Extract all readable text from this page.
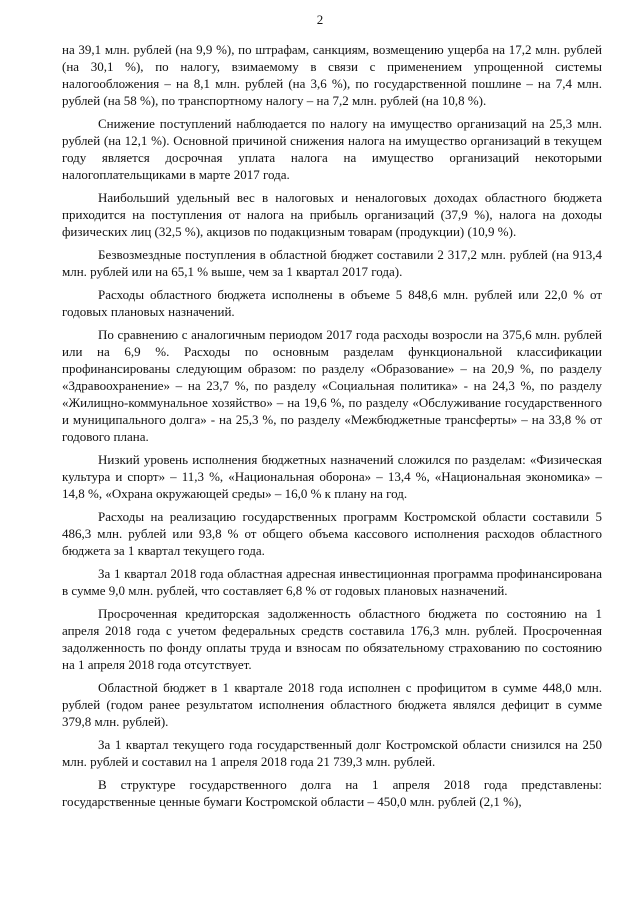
2

на 39,1 млн. рублей (на 9,9 %), по штрафам, санкциям, возмещению ущерба на 17,2 млн. рублей (на 30,1 %), по налогу, взимаемому в связи с применением упрощенной системы налогообложения – на 8,1 млн. рублей (на 3,6 %), по государственной пошлине – на 7,4 млн. рублей (на 58 %), по транспортному налогу – на 7,2 млн. рублей (на 10,8 %).

Снижение поступлений наблюдается по налогу на имущество организаций на 25,3 млн. рублей (на 12,1 %). Основной причиной снижения налога на имущество организаций в текущем году является досрочная уплата налога на имущество организаций некоторыми налогоплательщиками в марте 2017 года.

Наибольший удельный вес в налоговых и неналоговых доходах областного бюджета приходится на поступления от налога на прибыль организаций (37,9 %), налога на доходы физических лиц (32,5 %), акцизов по подакцизным товарам (продукции) (10,9 %).

Безвозмездные поступления в областной бюджет составили 2 317,2 млн. рублей (на 913,4 млн. рублей или на 65,1 % выше, чем за 1 квартал 2017 года).

Расходы областного бюджета исполнены в объеме 5 848,6 млн. рублей или 22,0 % от годовых плановых назначений.

По сравнению с аналогичным периодом 2017 года расходы возросли на 375,6 млн. рублей или на 6,9 %. Расходы по основным разделам функциональной классификации профинансированы следующим образом: по разделу «Образование» – на 20,9 %, по разделу «Здравоохранение» – на 23,7 %, по разделу «Социальная политика» - на 24,3 %, по разделу «Жилищно-коммунальное хозяйство» – на 19,6 %, по разделу «Обслуживание государственного и муниципального долга» - на 25,3 %, по разделу «Межбюджетные трансферты» – на 33,8 % от годового плана.

Низкий уровень исполнения бюджетных назначений сложился по разделам: «Физическая культура и спорт» – 11,3 %, «Национальная оборона» – 13,4 %, «Национальная экономика» – 14,8 %, «Охрана окружающей среды» – 16,0 % к плану на год.

Расходы на реализацию государственных программ Костромской области составили 5 486,3 млн. рублей или 93,8 % от общего объема кассового исполнения расходов областного бюджета за 1 квартал текущего года.

За 1 квартал 2018 года областная адресная инвестиционная программа профинансирована в сумме 9,0 млн. рублей, что составляет 6,8 % от годовых плановых назначений.

Просроченная кредиторская задолженность областного бюджета по состоянию на 1 апреля 2018 года с учетом федеральных средств составила 176,3 млн. рублей. Просроченная задолженность по фонду оплаты труда и взносам по обязательному страхованию по состоянию на 1 апреля 2018 года отсутствует.

Областной бюджет в 1 квартале 2018 года исполнен с профицитом в сумме 448,0 млн. рублей (годом ранее результатом исполнения областного бюджета являлся дефицит в сумме 379,8 млн. рублей).

За 1 квартал текущего года государственный долг Костромской области снизился на 250 млн. рублей и составил на 1 апреля 2018 года 21 739,3 млн. рублей.

В структуре государственного долга на 1 апреля 2018 года представлены: государственные ценные бумаги Костромской области – 450,0 млн. рублей (2,1 %),
